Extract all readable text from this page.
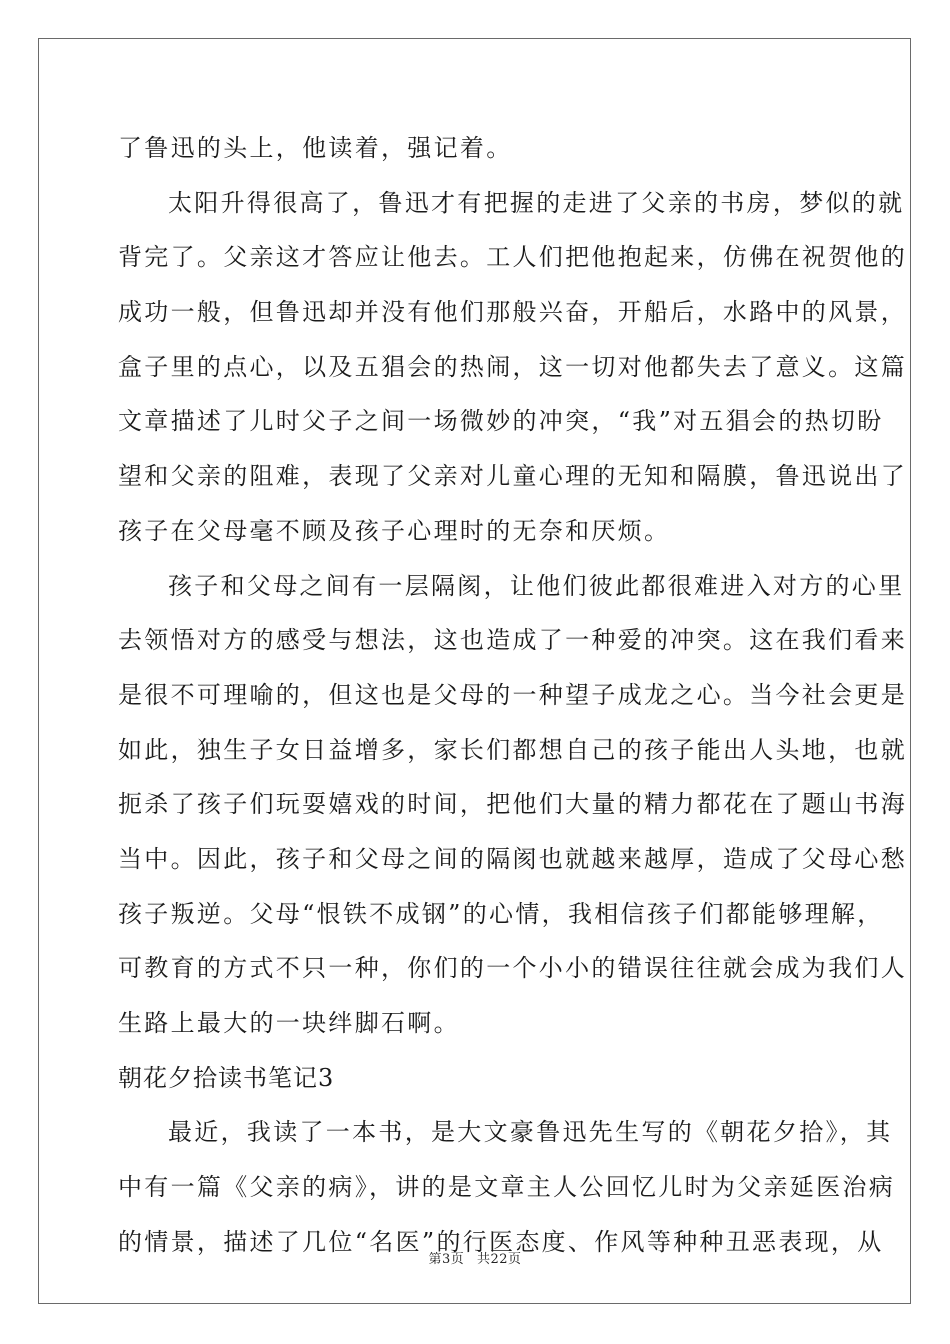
了鲁迅的头上，他读着，强记着。
太阳升得很高了，鲁迅才有把握的走进了父亲的书房，梦似的就
背完了。父亲这才答应让他去。工人们把他抱起来，仿佛在祝贺他的
成功一般，但鲁迅却并没有他们那般兴奋，开船后，水路中的风景，
盒子里的点心，以及五猖会的热闹，这一切对他都失去了意义。这篇
文章描述了儿时父子之间一场微妙的冲突，“我”对五猖会的热切盼
望和父亲的阻难，表现了父亲对儿童心理的无知和隔膜，鲁迅说出了
孩子在父母毫不顾及孩子心理时的无奈和厌烦。
孩子和父母之间有一层隔阂，让他们彼此都很难进入对方的心里
去领悟对方的感受与想法，这也造成了一种爱的冲突。这在我们看来
是很不可理喻的，但这也是父母的一种望子成龙之心。当今社会更是
如此，独生子女日益增多，家长们都想自己的孩子能出人头地，也就
扼杀了孩子们玩耍嬉戏的时间，把他们大量的精力都花在了题山书海
当中。因此，孩子和父母之间的隔阂也就越来越厚，造成了父母心愁
孩子叛逆。父母“恨铁不成钢”的心情，我相信孩子们都能够理解，
可教育的方式不只一种，你们的一个小小的错误往往就会成为我们人
生路上最大的一块绊脚石啊。
朝花夕拾读书笔记3
最近，我读了一本书，是大文豪鲁迅先生写的《朝花夕拾》，其
中有一篇《父亲的病》，讲的是文章主人公回忆儿时为父亲延医治病
的情景，描述了几位“名医”的行医态度、作风等种种丑恶表现，从
第3页 共22页
